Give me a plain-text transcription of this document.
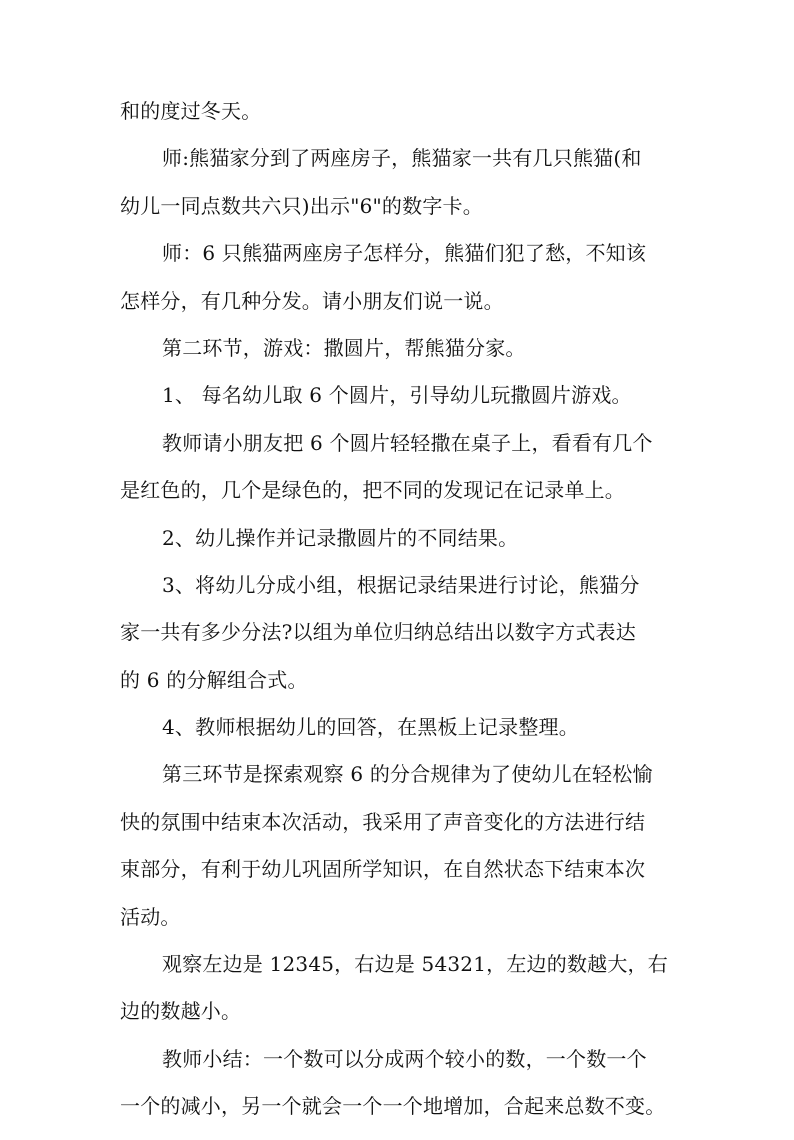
和的度过冬天。
师:熊猫家分到了两座房子，熊猫家一共有几只熊猫(和
幼儿一同点数共六只)出示"6"的数字卡。
师：6 只熊猫两座房子怎样分，熊猫们犯了愁，不知该
怎样分，有几种分发。请小朋友们说一说。
第二环节，游戏：撒圆片，帮熊猫分家。
1、 每名幼儿取 6 个圆片，引导幼儿玩撒圆片游戏。
教师请小朋友把 6 个圆片轻轻撒在桌子上，看看有几个
是红色的，几个是绿色的，把不同的发现记在记录单上。
2、幼儿操作并记录撒圆片的不同结果。
3、将幼儿分成小组，根据记录结果进行讨论，熊猫分
家一共有多少分法?以组为单位归纳总结出以数字方式表达
的 6 的分解组合式。
4、教师根据幼儿的回答，在黑板上记录整理。
第三环节是探索观察 6 的分合规律为了使幼儿在轻松愉
快的氛围中结束本次活动，我采用了声音变化的方法进行结
束部分，有利于幼儿巩固所学知识，在自然状态下结束本次
活动。
观察左边是 12345，右边是 54321，左边的数越大，右
边的数越小。
教师小结：一个数可以分成两个较小的数，一个数一个
一个的减小，另一个就会一个一个地增加，合起来总数不变。
